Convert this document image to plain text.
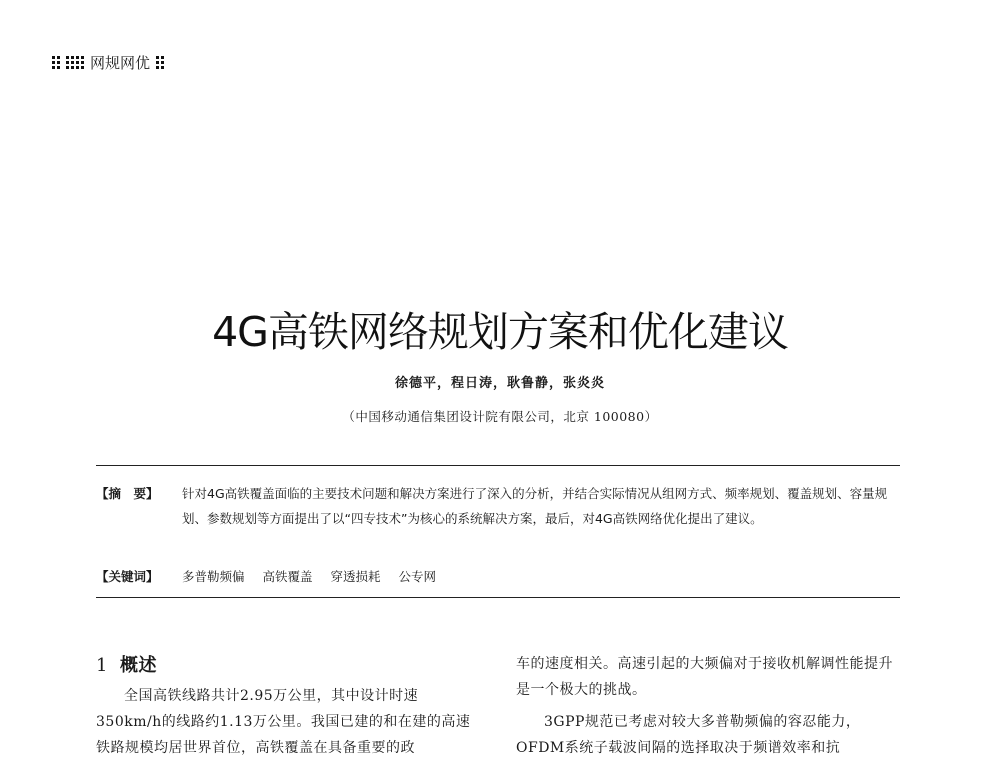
网规网优
4G高铁网络规划方案和优化建议
徐德平，程日涛，耿鲁静，张炎炎
（中国移动通信集团设计院有限公司，北京 100080）
【摘　要】	针对4G高铁覆盖面临的主要技术问题和解决方案进行了深入的分析，并结合实际情况从组网方式、频率规划、覆盖规划、容量规划、参数规划等方面提出了以“四专技术”为核心的系统解决方案，最后，对4G高铁网络优化提出了建议。
【关键词】	多普勒频偏 高铁覆盖 穿透损耗 公专网
1 概述

全国高铁线路共计2.95万公里，其中设计时速350km/h的线路约1.13万公里。我国已建的和在建的高速铁路规模均居世界首位，高铁覆盖在具备重要的政

车的速度相关。高速引起的大频偏对于接收机解调性能提升是一个极大的挑战。

3GPP规范已考虑对较大多普勒频偏的容忍能力，OFDM系统子载波间隔的选择取决于频谱效率和抗
